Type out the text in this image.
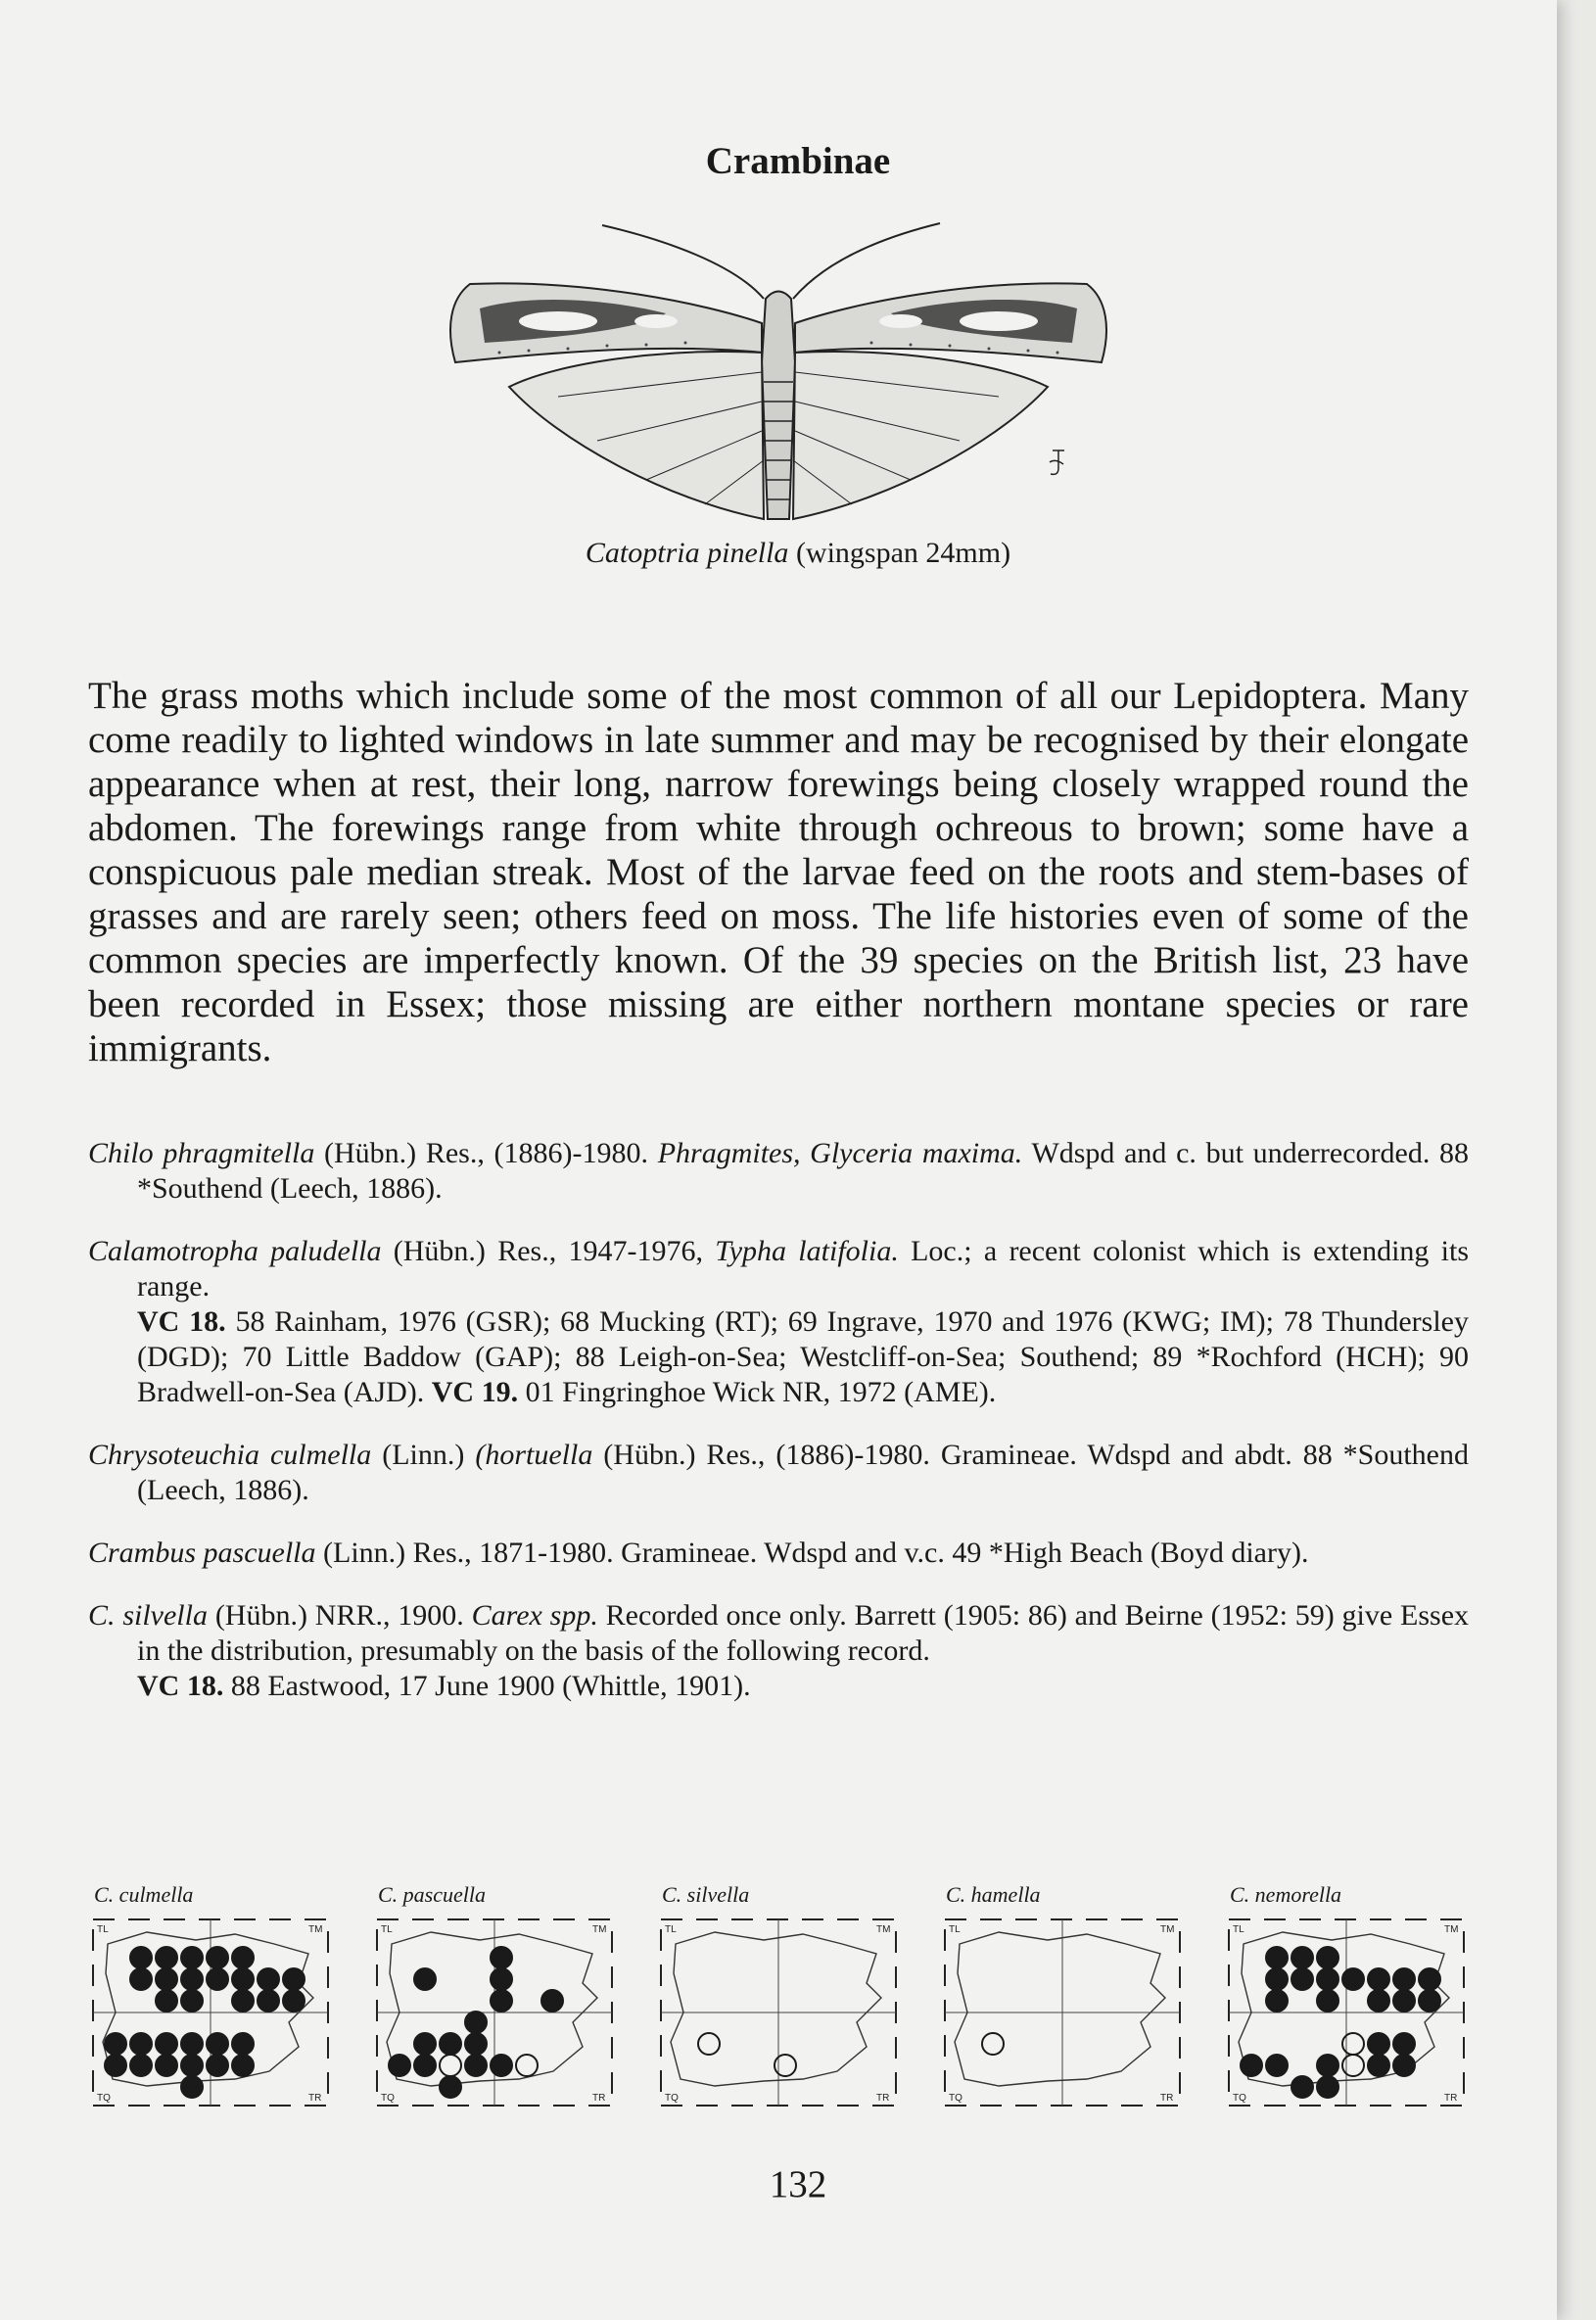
Crambinae
Catoptria pinella (wingspan 24mm)

The grass moths which include some of the most common of all our Lepidoptera. Many come readily to lighted windows in late summer and may be recognised by their elongate appearance when at rest, their long, narrow forewings being closely wrapped round the abdomen. The forewings range from white through ochreous to brown; some have a conspicuous pale median streak. Most of the larvae feed on the roots and stem-bases of grasses and are rarely seen; others feed on moss. The life histories even of some of the common species are imperfectly known. Of the 39 species on the British list, 23 have been recorded in Essex; those missing are either northern montane species or rare immigrants.

Chilo phragmitella (Hübn.) Res., (1886)-1980. Phragmites, Glyceria maxima. Wdspd and c. but underrecorded. 88 *Southend (Leech, 1886).

Calamotropha paludella (Hübn.) Res., 1947-1976, Typha latifolia. Loc.; a recent colonist which is extending its range.
VC 18. 58 Rainham, 1976 (GSR); 68 Mucking (RT); 69 Ingrave, 1970 and 1976 (KWG; IM); 78 Thundersley (DGD); 70 Little Baddow (GAP); 88 Leigh-on-Sea; Westcliff-on-Sea; Southend; 89 *Rochford (HCH); 90 Bradwell-on-Sea (AJD). VC 19. 01 Fingringhoe Wick NR, 1972 (AME).

Chrysoteuchia culmella (Linn.) (hortuella (Hübn.) Res., (1886)-1980. Gramineae. Wdspd and abdt. 88 *Southend (Leech, 1886).

Crambus pascuella (Linn.) Res., 1871-1980. Gramineae. Wdspd and v.c. 49 *High Beach (Boyd diary).

C. silvella (Hübn.) NRR., 1900. Carex spp. Recorded once only. Barrett (1905: 86) and Beirne (1952: 59) give Essex in the distribution, presumably on the basis of the following record.
VC 18. 88 Eastwood, 17 June 1900 (Whittle, 1901).

C. culmella
TL	TM
TQ	TR
C. pascuella
TL	TM
TQ	TR
C. silvella
TL	TM
TQ	TR
C. hamella
TL	TM
TQ	TR
C. nemorella
TL	TM
TQ	TR
132
